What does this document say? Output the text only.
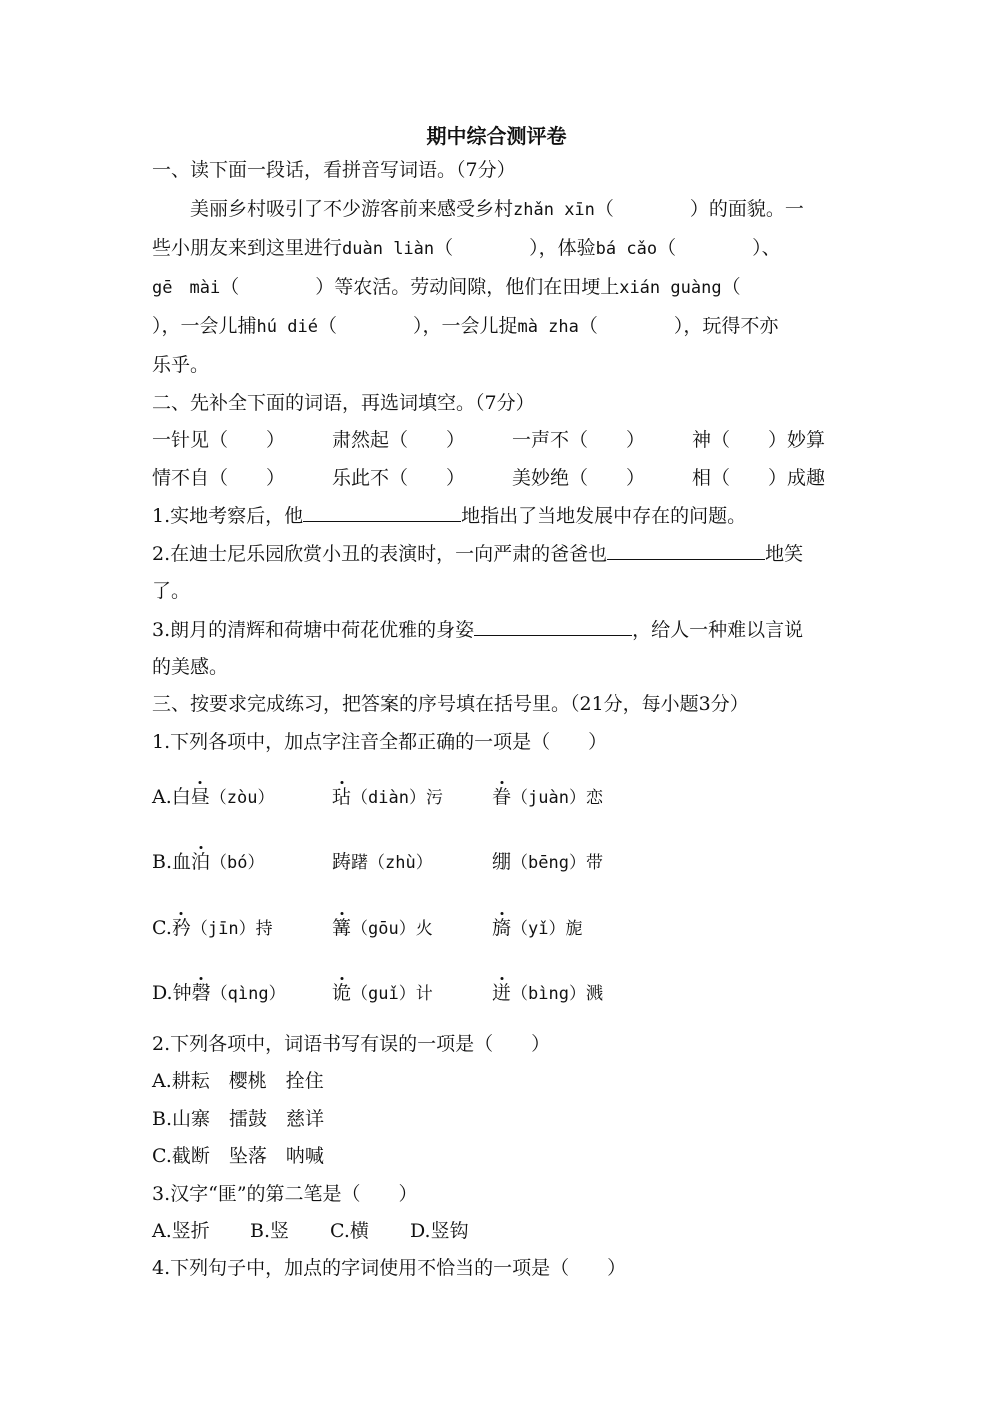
期中综合测评卷
一、读下面一段话，看拼音写词语。（7分）
　　美丽乡村吸引了不少游客前来感受乡村zhǎn xīn（　　　　）的面貌。一
些小朋友来到这里进行duàn liàn（　　　　），体验bá cǎo（　　　　）、
gē　mài（　　　　）等农活。劳动间隙，他们在田埂上xián guàng（
），一会儿捕hú dié（　　　　），一会儿捉mà zha（　　　　），玩得不亦
乐乎。
二、先补全下面的词语，再选词填空。（7分）
一针见（　　） 肃然起（　　） 一声不（　　） 神（　　）妙算
情不自（　　） 乐此不（　　） 美妙绝（　　） 相（　　）成趣
1.实地考察后，他	地指出了当地发展中存在的问题。
2.在迪士尼乐园欣赏小丑的表演时，一向严肃的爸爸也	地笑
了。
3.朗月的清辉和荷塘中荷花优雅的身姿	，给人一种难以言说
的美感。
三、按要求完成练习，把答案的序号填在括号里。（21分，每小题3分）
1.下列各项中，加点字注音全都正确的一项是（　　）
A.白昼（zòu）	玷（diàn）污	眷（juàn）恋
B.血泊（bó）	踌躇（zhù）	绷（bēng）带
C.矜（jīn）持	篝（gōu）火	旖（yǐ）旎
D.钟磬（qìng） 诡（guǐ）计	迸（bìng）溅
2.下列各项中，词语书写有误的一项是（　　）
A.耕耘　樱桃　拴住
B.山寨　擂鼓　慈详
C.截断　坠落　呐喊
3.汉字“匪”的第二笔是（　　）
A.竖折 B.竖 C.横 D.竖钩
4.下列句子中，加点的字词使用不恰当的一项是（　　）
